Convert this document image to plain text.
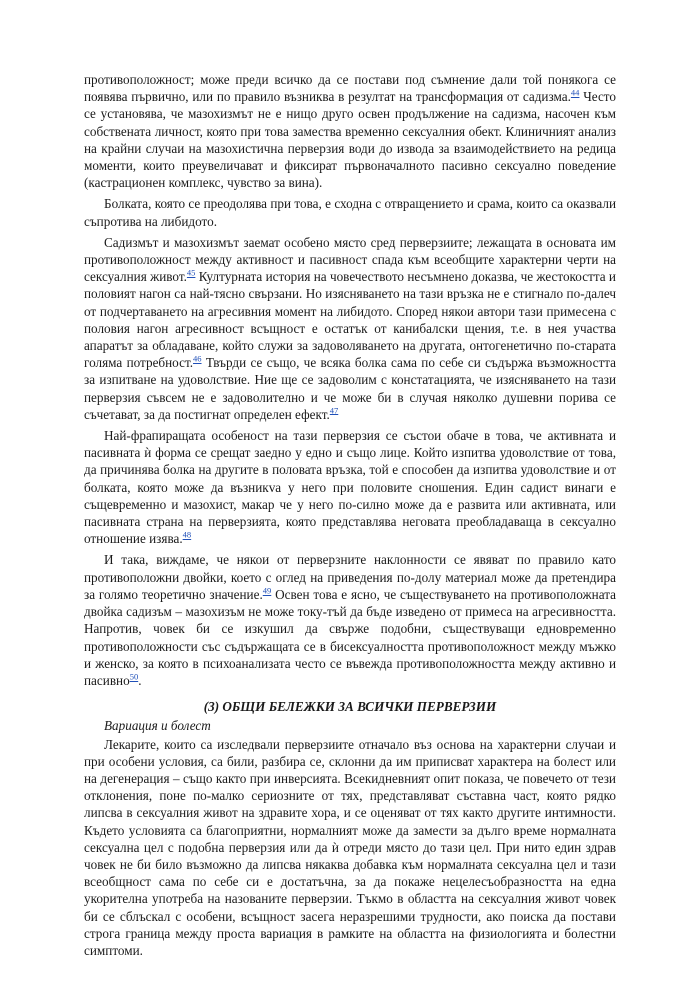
противоположност; може преди всичко да се постави под съмнение дали той понякога се появява първично, или по правило възниква в резултат на трансформация от садизма.$^{44}$ Често се установява, че мазохизмът не е нищо друго освен продължение на садизма, насочен към собствената личност, която при това замества временно сексуалния обект. Клиничният анализ на крайни случаи на мазохистична перверзия води до извода за взаимодействието на редица моменти, които преувеличават и фиксират първоначалното пасивно сексуално поведение (кастрационен комплекс, чувство за вина).

Болката, която се преодолява при това, е сходна с отвращението и срама, които са оказвали съпротива на либидото.

Садизмът и мазохизмът заемат особено място сред перверзиите; лежащата в основата им противоположност между активност и пасивност спада към всеобщите характерни черти на сексуалния живот.$^{45}$ Културната история на човечеството несъмнено доказва, че жестокостта и половият нагон са най-тясно свързани. Но изясняването на тази връзка не е стигнало по-далеч от подчертаването на агресивния момент на либидото. Според някои автори тази примесена с половия нагон агресивност всъщност е остатък от канибалски щения, т.е. в нея участва апаратът за обладаване, който служи за задоволяването на другата, онтогенетично по-старата голяма потребност.$^{46}$ Твърди се също, че всяка болка сама по себе си съдържа възможността за изпитване на удоволствие. Ние ще се задоволим с констатацията, че изясняването на тази перверзия съвсем не е задоволително и че може би в случая няколко душевни порива се съчетават, за да постигнат определен ефект.$^{47}$

Най-фрапиращата особеност на тази перверзия се състои обаче в това, че активната и пасивната ѝ форма се срещат заедно у едно и също лице. Който изпитва удоволствие от това, да причинява болка на другите в половата връзка, той е способен да изпитва удоволствие и от болката, която може да възникva у него при половите сношения. Един садист винаги е същевременно и мазохист, макар че у него по-силно може да е развита или активната, или пасивната страна на перверзията, която представлява неговата преобладаваща в сексуално отношение изява.$^{48}$

И така, виждаме, че някои от перверзните наклонности се явяват по правило като противоположни двойки, което с оглед на приведения по-долу материал може да претендира за голямо теоретично значение.$^{49}$ Освен това е ясно, че съществуването на противоположната двойка садизъм – мазохизъм не може току-тъй да бъде изведено от примеса на агресивността. Напротив, човек би се изкушил да свърже подобни, съществуващи едновременно противоположности със съдържащата се в бисексуалността противоположност между мъжко и женско, за която в психоанализата често се въвежда противоположността между активно и пасивно$^{50}$.

(3) ОБЩИ БЕЛЕЖКИ ЗА ВСИЧКИ ПЕРВЕРЗИИ

Вариация и болест

Лекарите, които са изследвали перверзиите отначало въз основа на характерни случаи и при особени условия, са били, разбира се, склонни да им приписват характера на болест или на дегенерация – също както при инверсията. Всекидневният опит показа, че повечето от тези отклонения, поне по-малко сериозните от тях, представляват съставна част, която рядко липсва в сексуалния живот на здравите хора, и се оценяват от тях както другите интимности. Където условията са благоприятни, нормалният може да замести за дълго време нормалната сексуална цел с подобна перверзия или да ѝ отреди място до тази цел. При нито един здрав човек не би било възможно да липсва някаква добавка към нормалната сексуална цел и тази всеобщност сама по себе си е достатъчна, за да покаже нецелесъобразността на една укорителна употреба на назованите перверзии. Тъкмо в областта на сексуалния живот човек би се сблъскал с особени, всъщност засега неразрешими трудности, ако поиска да постави строга граница между проста вариация в рамките на областта на физиологията и болестни симптоми.
